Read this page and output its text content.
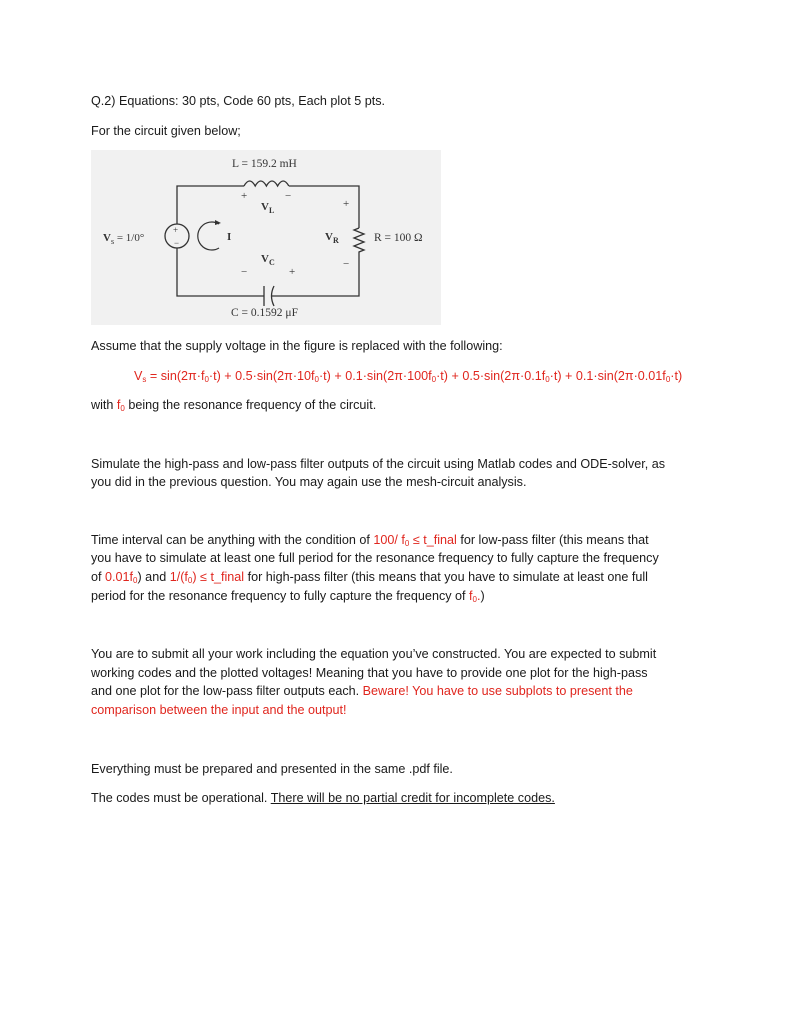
Q.2) Equations: 30 pts, Code 60 pts, Each plot 5 pts.
For the circuit given below;
+
−	I
L = 159.2 mH
+	−
$V_L$
$V_s = 1/0^\circ$
+
$V_R$
−
R = 100 Ω
$V_C$
−	+
C = 0.1592 μF
Assume that the supply voltage in the figure is replaced with the following:
$V_s = \sin(2\pi\cdot f_0\cdot t) + 0.5\cdot\sin(2\pi\cdot 10f_0\cdot t) + 0.1\cdot\sin(2\pi\cdot 100f_0\cdot t) + 0.5\cdot\sin(2\pi\cdot 0.1f_0\cdot t) + 0.1\cdot\sin(2\pi\cdot 0.01f_0\cdot t)$
with $f_0$ being the resonance frequency of the circuit.
Simulate the high-pass and low-pass filter outputs of the circuit using Matlab codes and ODE-solver, as
you did in the previous question. You may again use the mesh-circuit analysis.
Time interval can be anything with the condition of 100/ $f_0$ ≤ t_final for low-pass filter (this means that
you have to simulate at least one full period for the resonance frequency to fully capture the frequency
of $0.01f_0$) and $1/(f_0)$ ≤ t_final for high-pass filter (this means that you have to simulate at least one full
period for the resonance frequency to fully capture the frequency of $f_0$.)
You are to submit all your work including the equation you’ve constructed. You are expected to submit
working codes and the plotted voltages! Meaning that you have to provide one plot for the high-pass
and one plot for the low-pass filter outputs each. Beware! You have to use subplots to present the
comparison between the input and the output!
Everything must be prepared and presented in the same .pdf file.
The codes must be operational. There will be no partial credit for incomplete codes.
